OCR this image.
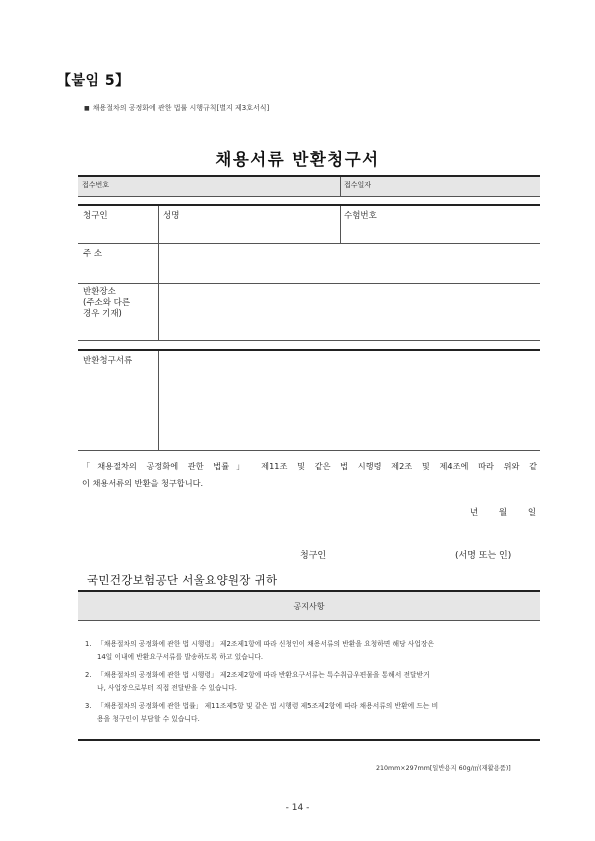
【붙임 5】
■ 채용절차의 공정화에 관한 법률 시행규칙[별지 제3호서식]
채용서류 반환청구서
접수번호	접수일자
청구인	성명	수험번호
주 소
반환장소
(주소와 다른
경우 기재)
반환청구서류
「채용절차의 공정화에 관한 법률」 제11조 및 같은 법 시행령 제2조 및 제4조에 따라 위와 같
이 채용서류의 반환을 청구합니다.
년 월 일
청구인	(서명 또는 인)
국민건강보험공단 서울요양원장 귀하
공지사항
1. 「채용절차의 공정화에 관한 법 시행령」 제2조제1항에 따라 신청인이 채용서류의 반환을 요청하면 해당 사업장은
14일 이내에 반환요구서류를 발송하도록 하고 있습니다.
2. 「채용절차의 공정화에 관한 법 시행령」 제2조제2항에 따라 반환요구서류는 특수취급우편물을 통해서 전달받거
나, 사업장으로부터 직접 전달받을 수 있습니다.
3. 「채용절차의 공정화에 관한 법률」 제11조제5항 및 같은 법 시행령 제5조제2항에 따라 채용서류의 반환에 드는 비
용을 청구인이 부담할 수 있습니다.
210mm×297mm[일반용지 60g/㎡(재활용품)]
- 14 -
